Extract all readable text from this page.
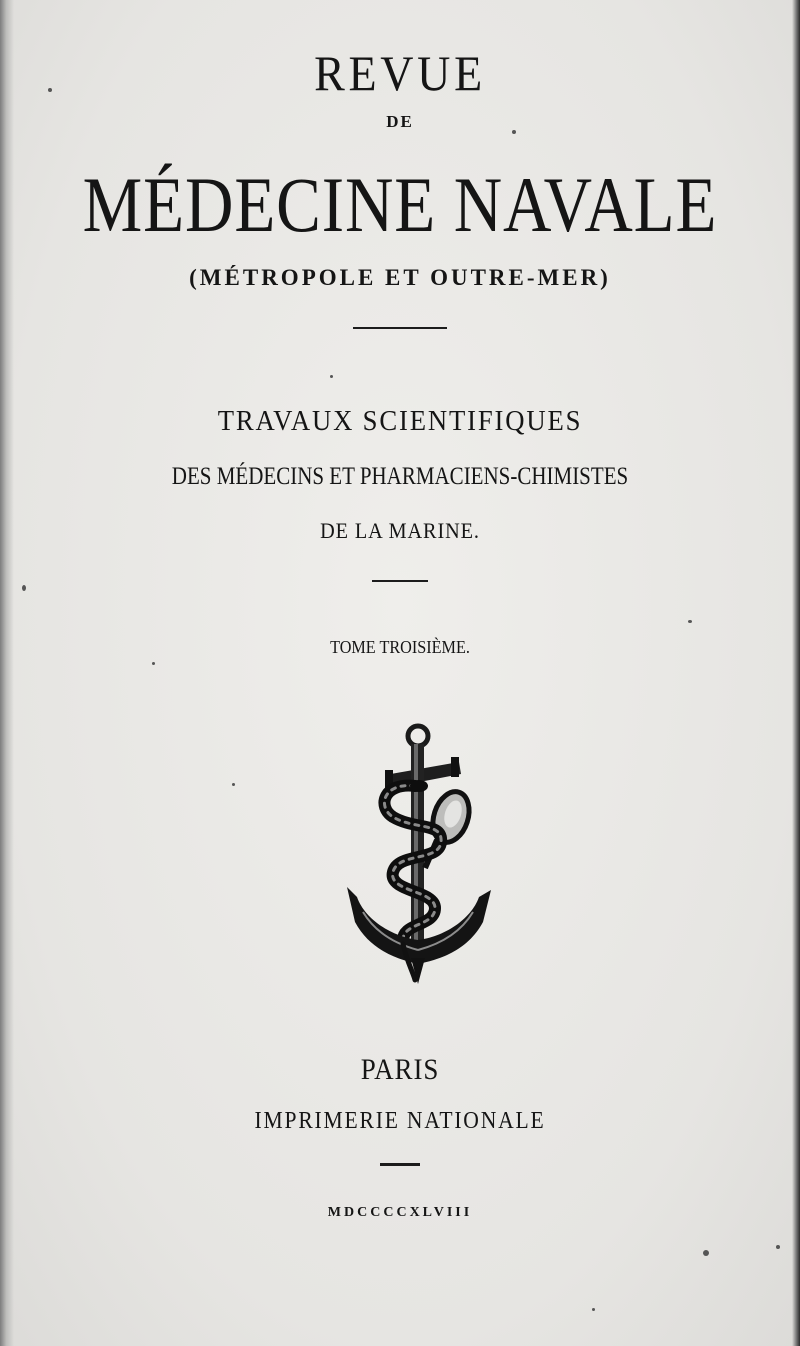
REVUE
DE
MÉDECINE NAVALE
(MÉTROPOLE ET OUTRE-MER)
TRAVAUX SCIENTIFIQUES
DES MÉDECINS ET PHARMACIENS-CHIMISTES
DE LA MARINE.
TOME TROISIÈME.
PARIS
IMPRIMERIE NATIONALE
MDCCCCXLVIII
